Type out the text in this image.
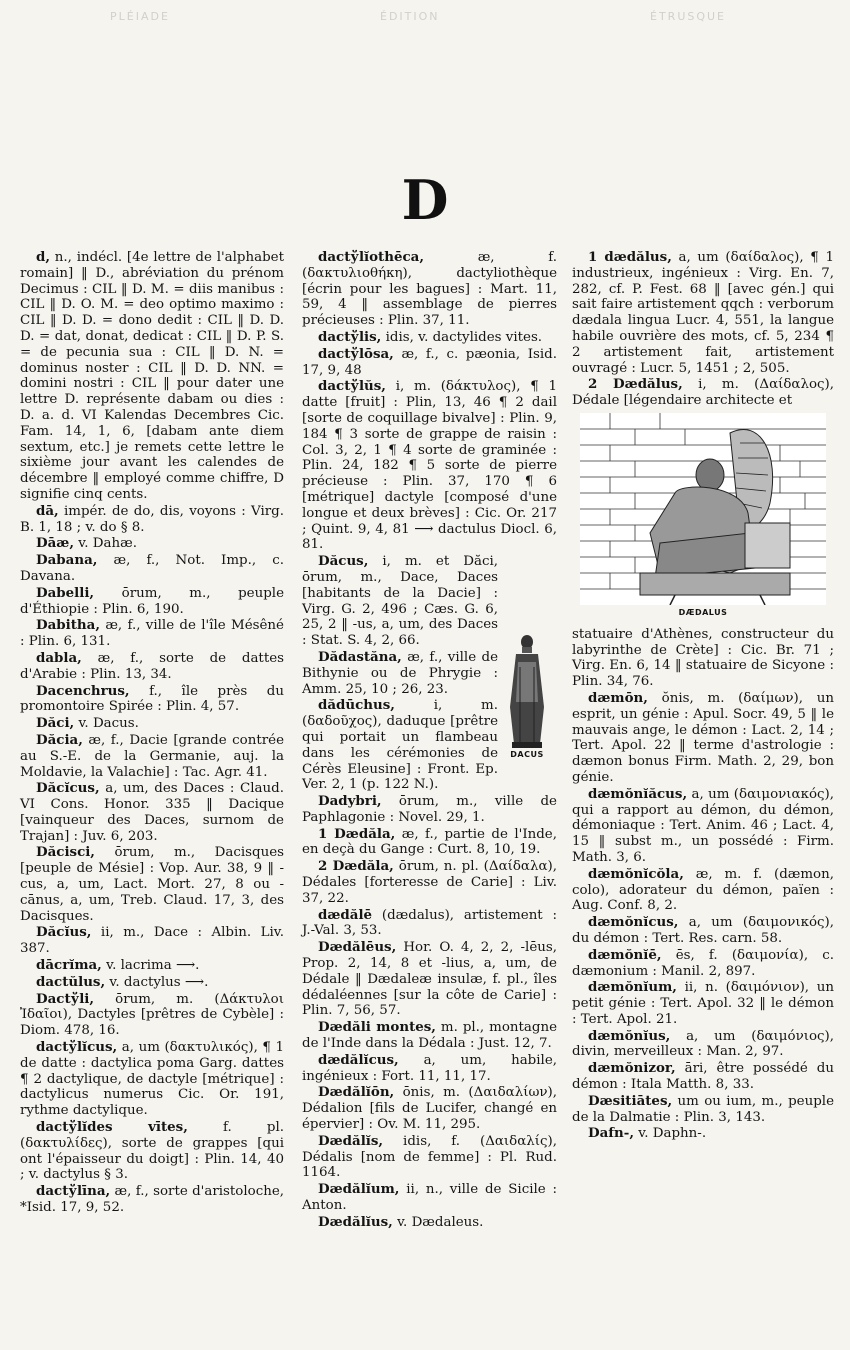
PLÉIADE	ÉDITION	ÉTRUSQUE
D
d, n., indécl. [4e lettre de l'alphabet romain] ‖ D., abréviation du prénom Decimus : CIL ‖ D. M. = diis manibus : CIL ‖ D. O. M. = deo optimo maximo : CIL ‖ D. D. = dono dedit : CIL ‖ D. D. D. = dat, donat, dedicat : CIL ‖ D. P. S. = de pecunia sua : CIL ‖ D. N. = dominus noster : CIL ‖ D. D. NN. = domini nostri : CIL ‖ pour dater une lettre D. représente dabam ou dies : D. a. d. VI Kalendas Decembres Cic. Fam. 14, 1, 6, [dabam ante diem sextum, etc.] je remets cette lettre le sixième jour avant les calendes de décembre ‖ employé comme chiffre, D signifie cinq cents.
dā, impér. de do, dis, voyons : Virg. B. 1, 18 ; v. do § 8.
Dāæ, v. Dahæ.
Dabana, æ, f., Not. Imp., c. Davana.
Dabelli, ōrum, m., peuple d'Éthiopie : Plin. 6, 190.
Dabitha, æ, f., ville de l'île Mésêné : Plin. 6, 131.
dabla, æ, f., sorte de dattes d'Arabie : Plin. 13, 34.
Dacenchrus, f., île près du promontoire Spirée : Plin. 4, 57.
Dăci, v. Dacus.
Dăcia, æ, f., Dacie [grande contrée au S.-E. de la Germanie, auj. la Moldavie, la Valachie] : Tac. Agr. 41.
Dăcĭcus, a, um, des Daces : Claud. VI Cons. Honor. 335 ‖ Dacique [vainqueur des Daces, surnom de Trajan] : Juv. 6, 203.
Dăcisci, ōrum, m., Dacisques [peuple de Mésie] : Vop. Aur. 38, 9 ‖ -cus, a, um, Lact. Mort. 27, 8 ou -cānus, a, um, Treb. Claud. 17, 3, des Dacisques.
Dăcĭus, ii, m., Dace : Albin. Liv. 387.
dācrĭma, v. lacrima ⟶.
dactŭlus, v. dactylus ⟶.
Dactўli, ōrum, m. (Δάκτυλοι Ἰδαῖοι), Dactyles [prêtres de Cybèle] : Diom. 478, 16.
dactўlĭcus, a, um (δακτυλικός), ¶ 1 de datte : dactylica poma Garg. dattes ¶ 2 dactylique, de dactyle [métrique] : dactylicus numerus Cic. Or. 191, rythme dactylique.
dactўlĭdes vītes, f. pl. (δακτυλίδες), sorte de grappes [qui ont l'épaisseur du doigt] : Plin. 14, 40 ; v. dactylus § 3.
dactўlīna, æ, f., sorte d'aristoloche, *Isid. 17, 9, 52.
dactўlĭothēca, æ, f. (δακτυλιοθήκη), dactyliothèque [écrin pour les bagues] : Mart. 11, 59, 4 ‖ assemblage de pierres précieuses : Plin. 37, 11.
dactўlis, idis, v. dactylides vites.
dactўlōsa, æ, f., c. pæonia, Isid. 17, 9, 48
dactўlŭs, i, m. (δάκτυλος), ¶ 1 datte [fruit] : Plin, 13, 46 ¶ 2 dail [sorte de coquillage bivalve] : Plin. 9, 184 ¶ 3 sorte de grappe de raisin : Col. 3, 2, 1 ¶ 4 sorte de graminée : Plin. 24, 182 ¶ 5 sorte de pierre précieuse : Plin. 37, 170 ¶ 6 [métrique] dactyle [composé d'une longue et deux brèves] : Cic. Or. 217 ; Quint. 9, 4, 81 ⟶ dactulus Diocl. 6, 81.
Dăcus, i, m. et Dăci, ōrum, m., Dace, Daces [habitants de la Dacie] : Virg. G. 2, 496 ; Cæs. G. 6, 25, 2 ‖ -us, a, um, des Daces : Stat. S. 4, 2, 66.
Dădastăna, æ, f., ville de Bithynie ou de Phrygie : Amm. 25, 10 ; 26, 23.
dădūchus, i, m. (δαδοῦχος), daduque [prêtre qui portait un flambeau dans les cérémonies de Cérès Eleusine] : Front. Ep. Ver. 2, 1 (p. 122 N.).
Dadybri, ōrum, m., ville de Paphlagonie : Novel. 29, 1.
1 Dædăla, æ, f., partie de l'Inde, en deçà du Gange : Curt. 8, 10, 19.
2 Dædăla, ōrum, n. pl. (Δαίδαλα), Dédales [forteresse de Carie] : Liv. 37, 22.
dædălē (dædalus), artistement : J.-Val. 3, 53.
Dædălēus, Hor. O. 4, 2, 2, -lēus, Prop. 2, 14, 8 et -lius, a, um, de Dédale ‖ Dædaleæ insulæ, f. pl., îles dédaléennes [sur la côte de Carie] : Plin. 7, 56, 57.
Dædăli montes, m. pl., montagne de l'Inde dans la Dédala : Just. 12, 7.
dædălĭcus, a, um, habile, ingénieux : Fort. 11, 11, 17.
Dædălĭōn, ōnis, m. (Δαιδαλίων), Dédalion [fils de Lucifer, changé en épervier] : Ov. M. 11, 295.
Dædălĭs, idis, f. (Δαιδαλίς), Dédalis [nom de femme] : Pl. Rud. 1164.
Dædălĭum, ii, n., ville de Sicile : Anton.
Dædălĭus, v. Dædaleus.
DACUS
1 dædălus, a, um (δαίδαλος), ¶ 1 industrieux, ingénieux : Virg. En. 7, 282, cf. P. Fest. 68 ‖ [avec gén.] qui sait faire artistement qqch : verborum dædala lingua Lucr. 4, 551, la langue habile ouvrière des mots, cf. 5, 234 ¶ 2 artistement fait, artistement ouvragé : Lucr. 5, 1451 ; 2, 505.
2 Dædălus, i, m. (Δαίδαλος), Dédale [légendaire architecte et
DÆDALUS
statuaire d'Athènes, constructeur du labyrinthe de Crète] : Cic. Br. 71 ; Virg. En. 6, 14 ‖ statuaire de Sicyone : Plin. 34, 76.
dæmōn, ŏnis, m. (δαίμων), un esprit, un génie : Apul. Socr. 49, 5 ‖ le mauvais ange, le démon : Lact. 2, 14 ; Tert. Apol. 22 ‖ terme d'astrologie : dæmon bonus Firm. Math. 2, 29, bon génie.
dæmŏnĭăcus, a, um (δαιμονιακός), qui a rapport au démon, du démon, démoniaque : Tert. Anim. 46 ; Lact. 4, 15 ‖ subst m., un possédé : Firm. Math. 3, 6.
dæmŏnĭcŏla, æ, m. f. (dæmon, colo), adorateur du démon, païen : Aug. Conf. 8, 2.
dæmŏnĭcus, a, um (δαιμονικός), du démon : Tert. Res. carn. 58.
dæmŏnĭē, ēs, f. (δαιμονία), c. dæmonium : Manil. 2, 897.
dæmŏnĭum, ii, n. (δαιμόνιον), un petit génie : Tert. Apol. 32 ‖ le démon : Tert. Apol. 21.
dæmŏnĭus, a, um (δαιμόνιος), divin, merveilleux : Man. 2, 97.
dæmŏnizor, āri, être possédé du démon : Itala Matth. 8, 33.
Dæsitiātes, um ou ium, m., peuple de la Dalmatie : Plin. 3, 143.
Dafn-, v. Daphn-.
